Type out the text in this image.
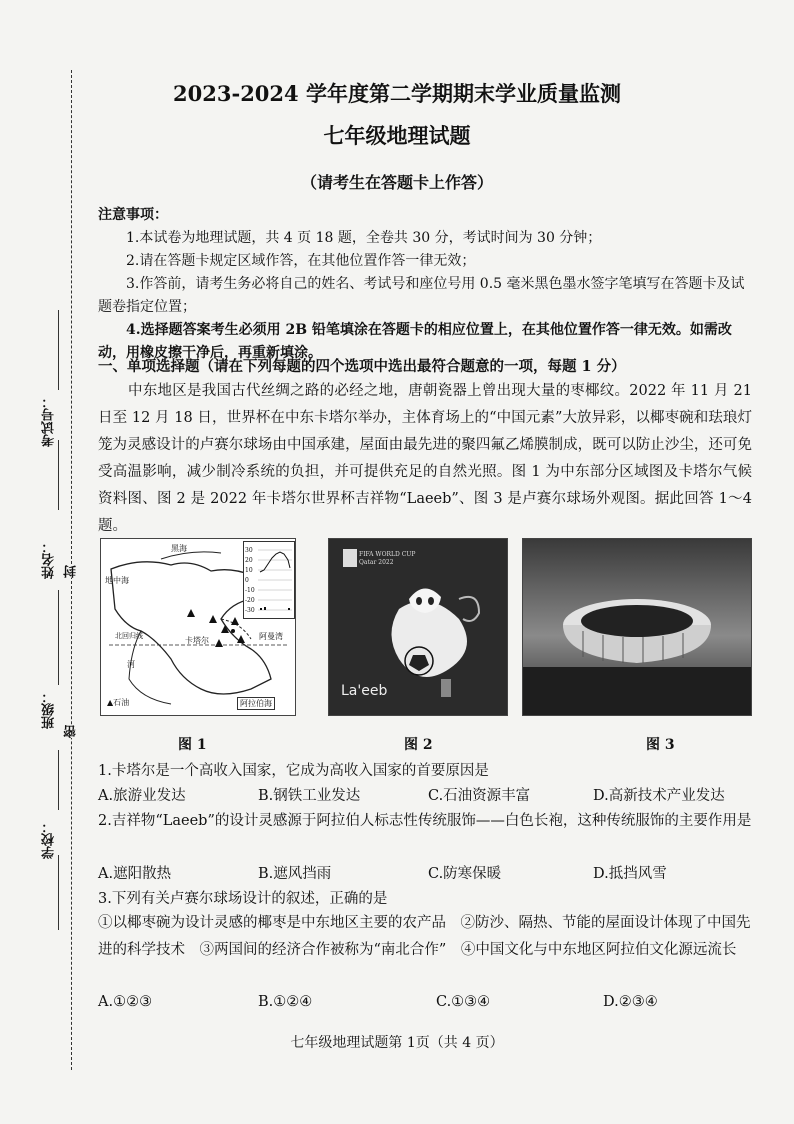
考试号：
姓名： 封
班级：
密
学校：
2023-2024 学年度第二学期期末学业质量监测
七年级地理试题
（请考生在答题卡上作答）
注意事项：
1.本试卷为地理试题，共 4 页 18 题，全卷共 30 分，考试时间为 30 分钟；
2.请在答题卡规定区域作答，在其他位置作答一律无效；
3.作答前，请考生务必将自己的姓名、考试号和座位号用 0.5 毫米黑色墨水签字笔填写在答题卡及试题卷指定位置；
4.选择题答案考生必须用 2B 铅笔填涂在答题卡的相应位置上，在其他位置作答一律无效。如需改动，用橡皮擦干净后，再重新填涂。
一、单项选择题（请在下列每题的四个选项中选出最符合题意的一项，每题 1 分）
中东地区是我国古代丝绸之路的必经之地，唐朝瓷器上曾出现大量的枣椰纹。2022 年 11 月 21 日至 12 月 18 日，世界杯在中东卡塔尔举办，主体育场上的“中国元素”大放异彩，以椰枣碗和珐琅灯笼为灵感设计的卢赛尔球场由中国承建，屋面由最先进的聚四氟乙烯膜制成，既可以防止沙尘，还可免受高温影响，减少制冷系统的负担，并可提供充足的自然光照。图 1 为中东部分区域图及卡塔尔气候资料图、图 2 是 2022 年卡塔尔世界杯吉祥物“Laeeb”、图 3 是卢赛尔球场外观图。据此回答 1～4 题。
黑海
地中海
卡塔尔	阿曼湾
北回归线
河
▲石油	阿拉伯海
30
20
10
0
-10
-20
-30
FIFA WORLD CUP Qatar 2022
La'eeb
图 1	图 2	图 3
1.卡塔尔是一个高收入国家，它成为高收入国家的首要原因是
A.旅游业发达	B.钢铁工业发达	C.石油资源丰富	D.高新技术产业发达
2.吉祥物“Laeeb”的设计灵感源于阿拉伯人标志性传统服饰——白色长袍，这种传统服饰的主要作用是
A.遮阳散热	B.遮风挡雨	C.防寒保暖	D.抵挡风雪
3.下列有关卢赛尔球场设计的叙述，正确的是
①以椰枣碗为设计灵感的椰枣是中东地区主要的农产品　②防沙、隔热、节能的屋面设计体现了中国先进的科学技术　③两国间的经济合作被称为“南北合作”　④中国文化与中东地区阿拉伯文化源远流长
A.①②③	B.①②④	C.①③④	D.②③④
七年级地理试题第 1页（共 4 页）
